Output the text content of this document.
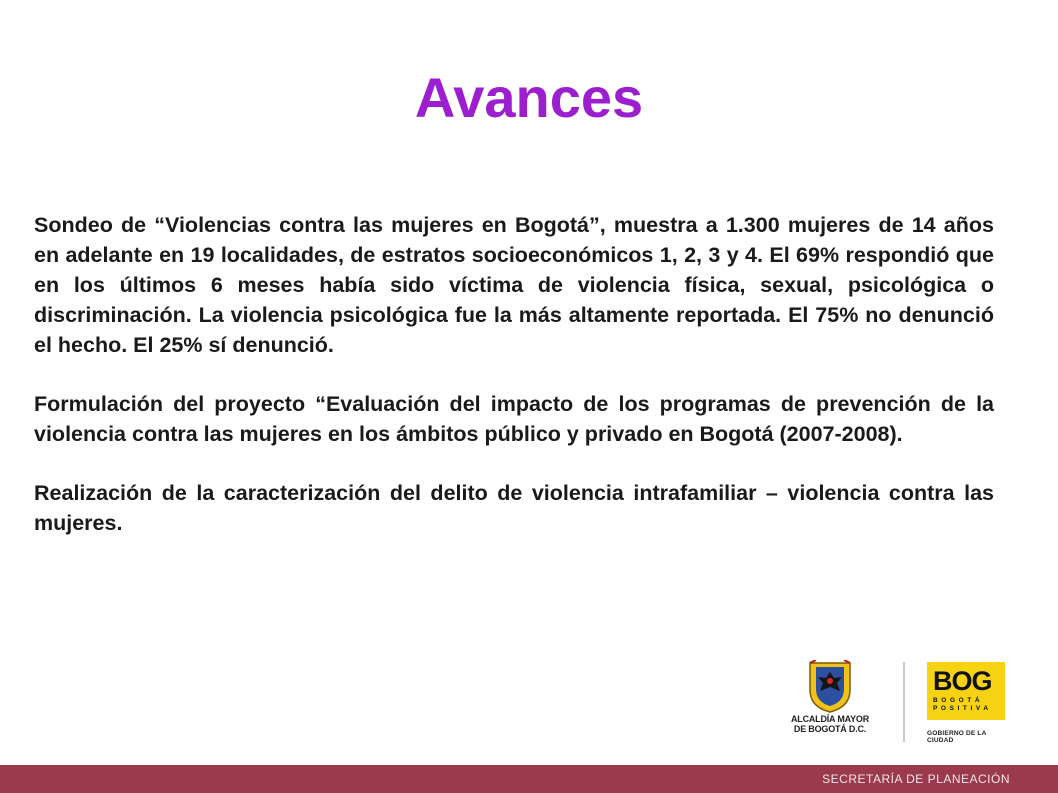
Avances

Sondeo de “Violencias contra las mujeres en Bogotá”, muestra a 1.300 mujeres de 14 años en adelante en 19 localidades, de estratos socioeconómicos 1, 2, 3 y 4. El 69% respondió que en los últimos 6 meses había sido víctima de violencia física, sexual, psicológica o discriminación. La violencia psicológica fue la más altamente reportada. El 75% no denunció el hecho. El 25% sí denunció.

Formulación del proyecto “Evaluación del impacto de los programas de prevención de la violencia contra las mujeres en los ámbitos público y privado en Bogotá (2007-2008).

Realización de la caracterización del delito de violencia intrafamiliar – violencia contra las mujeres.

ALCALDÍA MAYOR
DE BOGOTÁ D.C.
BOG
BOGOTÁ POSITIVA
GOBIERNO DE LA CIUDAD
SECRETARÍA DE PLANEACIÓN
